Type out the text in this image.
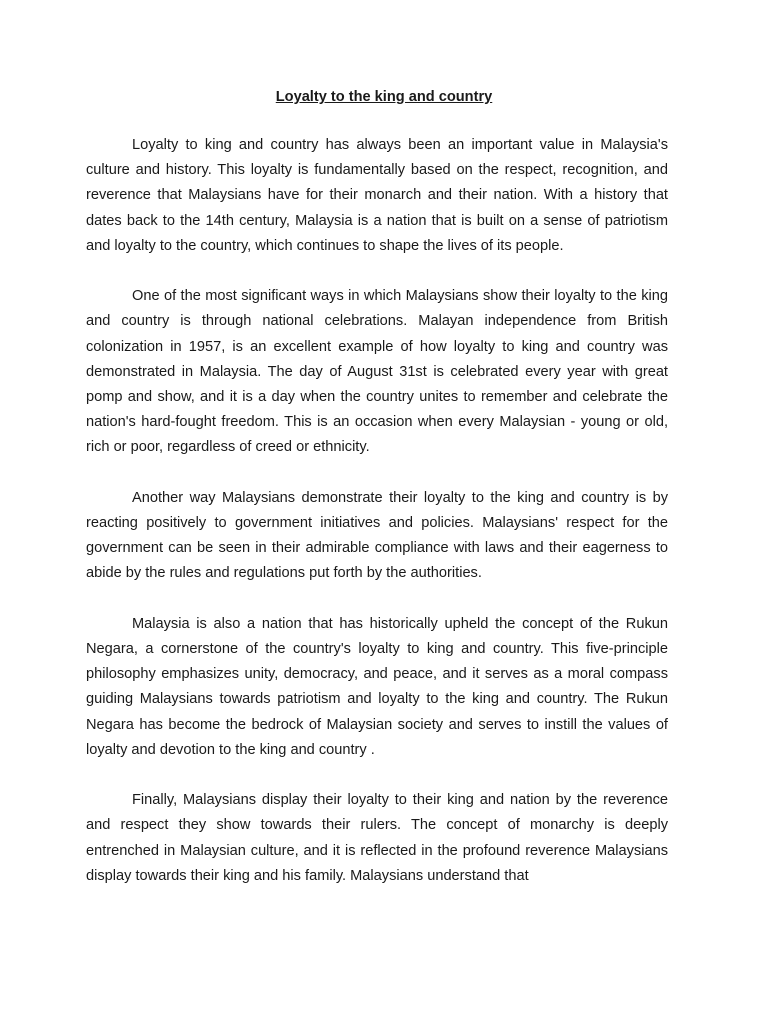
Loyalty to the king and country

Loyalty to king and country has always been an important value in Malaysia's culture and history. This loyalty is fundamentally based on the respect, recognition, and reverence that Malaysians have for their monarch and their nation. With a history that dates back to the 14th century, Malaysia is a nation that is built on a sense of patriotism and loyalty to the country, which continues to shape the lives of its people.

One of the most significant ways in which Malaysians show their loyalty to the king and country is through national celebrations. Malayan independence from British colonization in 1957, is an excellent example of how loyalty to king and country was demonstrated in Malaysia. The day of August 31st is celebrated every year with great pomp and show, and it is a day when the country unites to remember and celebrate the nation's hard-fought freedom. This is an occasion when every Malaysian - young or old, rich or poor, regardless of creed or ethnicity.

Another way Malaysians demonstrate their loyalty to the king and country is by reacting positively to government initiatives and policies. Malaysians' respect for the government can be seen in their admirable compliance with laws and their eagerness to abide by the rules and regulations put forth by the authorities.

Malaysia is also a nation that has historically upheld the concept of the Rukun Negara, a cornerstone of the country's loyalty to king and country. This five-principle philosophy emphasizes unity, democracy, and peace, and it serves as a moral compass guiding Malaysians towards patriotism and loyalty to the king and country. The Rukun Negara has become the bedrock of Malaysian society and serves to instill the values of loyalty and devotion to the king and country .

Finally, Malaysians display their loyalty to their king and nation by the reverence and respect they show towards their rulers. The concept of monarchy is deeply entrenched in Malaysian culture, and it is reflected in the profound reverence Malaysians display towards their king and his family. Malaysians understand that
